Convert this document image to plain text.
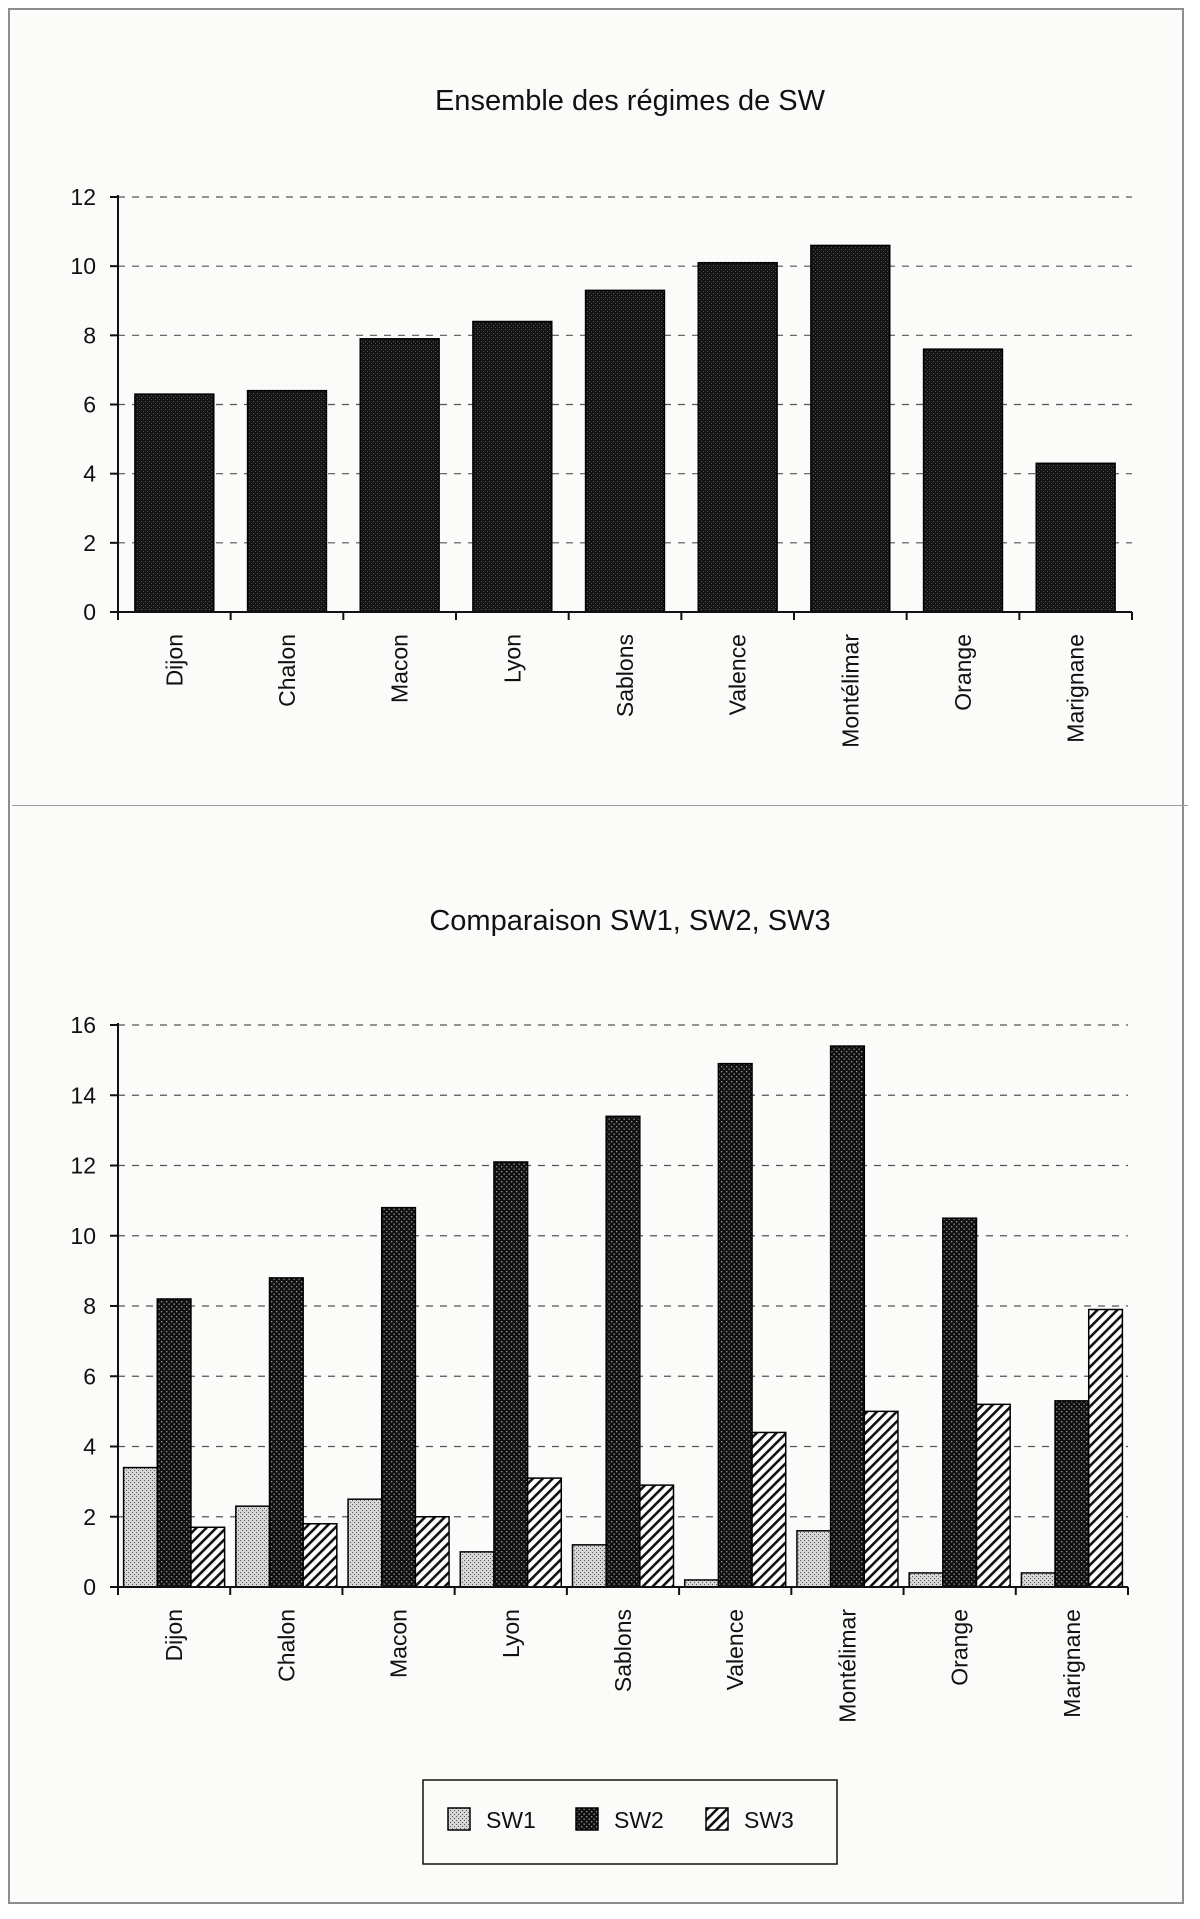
Ensemble des régimes de SW
0
2
4
6
8
10
12
Dijon	Chalon	Macon	Lyon	Sablons	Valence	Montélimar	Orange	Marignane
Comparaison SW1, SW2, SW3
0
2
4
6
8
10
12
14
16
Dijon	Chalon	Macon	Lyon	Sablons	Valence	Montélimar	Orange	Marignane
SW1	SW2	SW3
